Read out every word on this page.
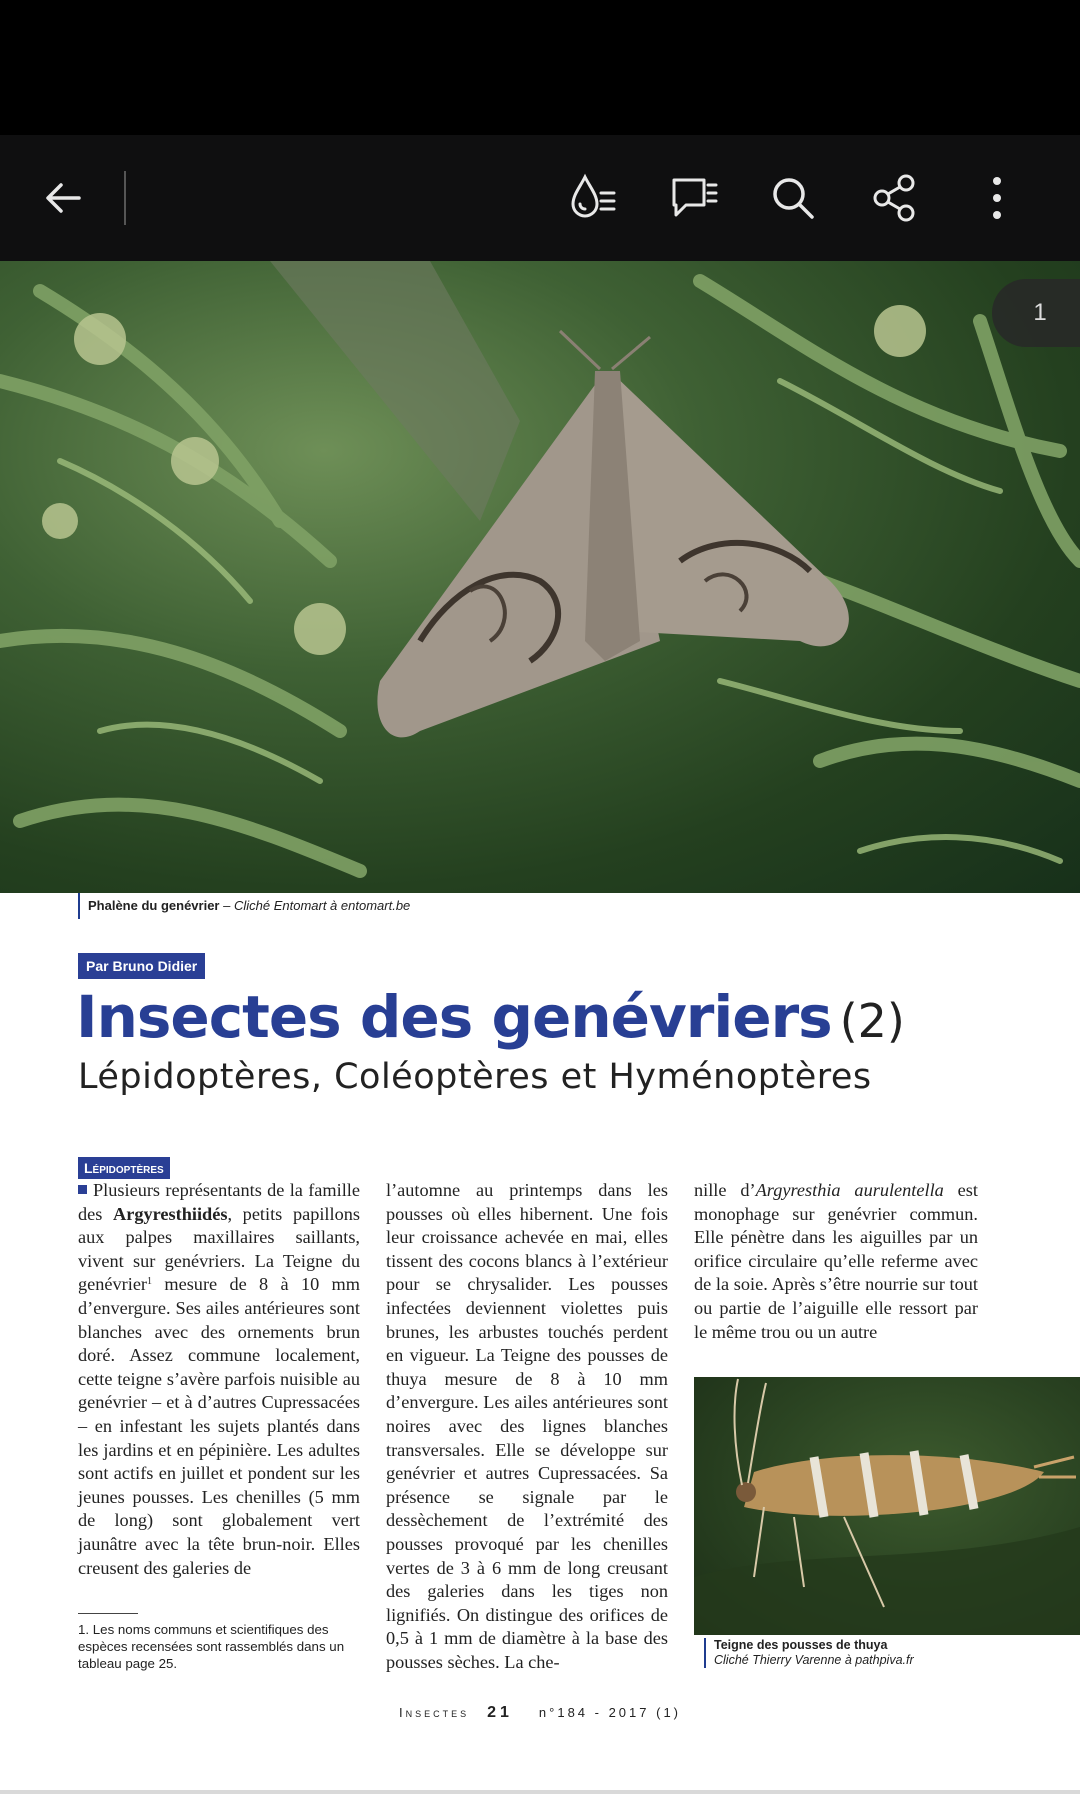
1
Phalène du genévrier – Cliché Entomart à entomart.be
Par Bruno Didier
Insectes des genévriers (2)
Lépidoptères, Coléoptères et Hyménoptères
Lépidoptères
Plusieurs représentants de la famille des Argyresthiidés, petits papillons aux palpes maxillaires saillants, vivent sur genévriers. La Teigne du genévrier$^1$ mesure de 8 à 10 mm d’envergure. Ses ailes antérieures sont blanches avec des ornements brun doré. Assez commune localement, cette teigne s’avère parfois nuisible au genévrier – et à d’autres Cupressacées – en infestant les sujets plantés dans les jardins et en pépinière. Les adultes sont actifs en juillet et pondent sur les jeunes pousses. Les chenilles (5 mm de long) sont globalement vert jaunâtre avec la tête brun-noir. Elles creusent des galeries de
l’automne au printemps dans les pousses où elles hibernent. Une fois leur croissance achevée en mai, elles tissent des cocons blancs à l’extérieur pour se chrysalider. Les pousses infectées deviennent violettes puis brunes, les arbustes touchés perdent en vigueur. La Teigne des pousses de thuya mesure de 8 à 10 mm d’envergure. Les ailes antérieures sont noires avec des lignes blanches transversales. Elle se développe sur genévrier et autres Cupressacées. Sa présence se signale par le dessèchement de l’extrémité des pousses provoqué par les chenilles vertes de 3 à 6 mm de long creusant des galeries dans les tiges non lignifiés. On distingue des orifices de 0,5 à 1 mm de diamètre à la base des pousses sèches. La che-
nille d’Argyresthia aurulentella est monophage sur genévrier commun. Elle pénètre dans les aiguilles par un orifice circulaire qu’elle referme avec de la soie. Après s’être nourrie sur tout ou partie de l’aiguille elle ressort par le même trou ou un autre
1. Les noms communs et scientifiques des espèces recensées sont rassemblés dans un tableau page 25.
Teigne des pousses de thuya
Cliché Thierry Varenne à pathpiva.fr
Insectes 21 n°184 - 2017 (1)
